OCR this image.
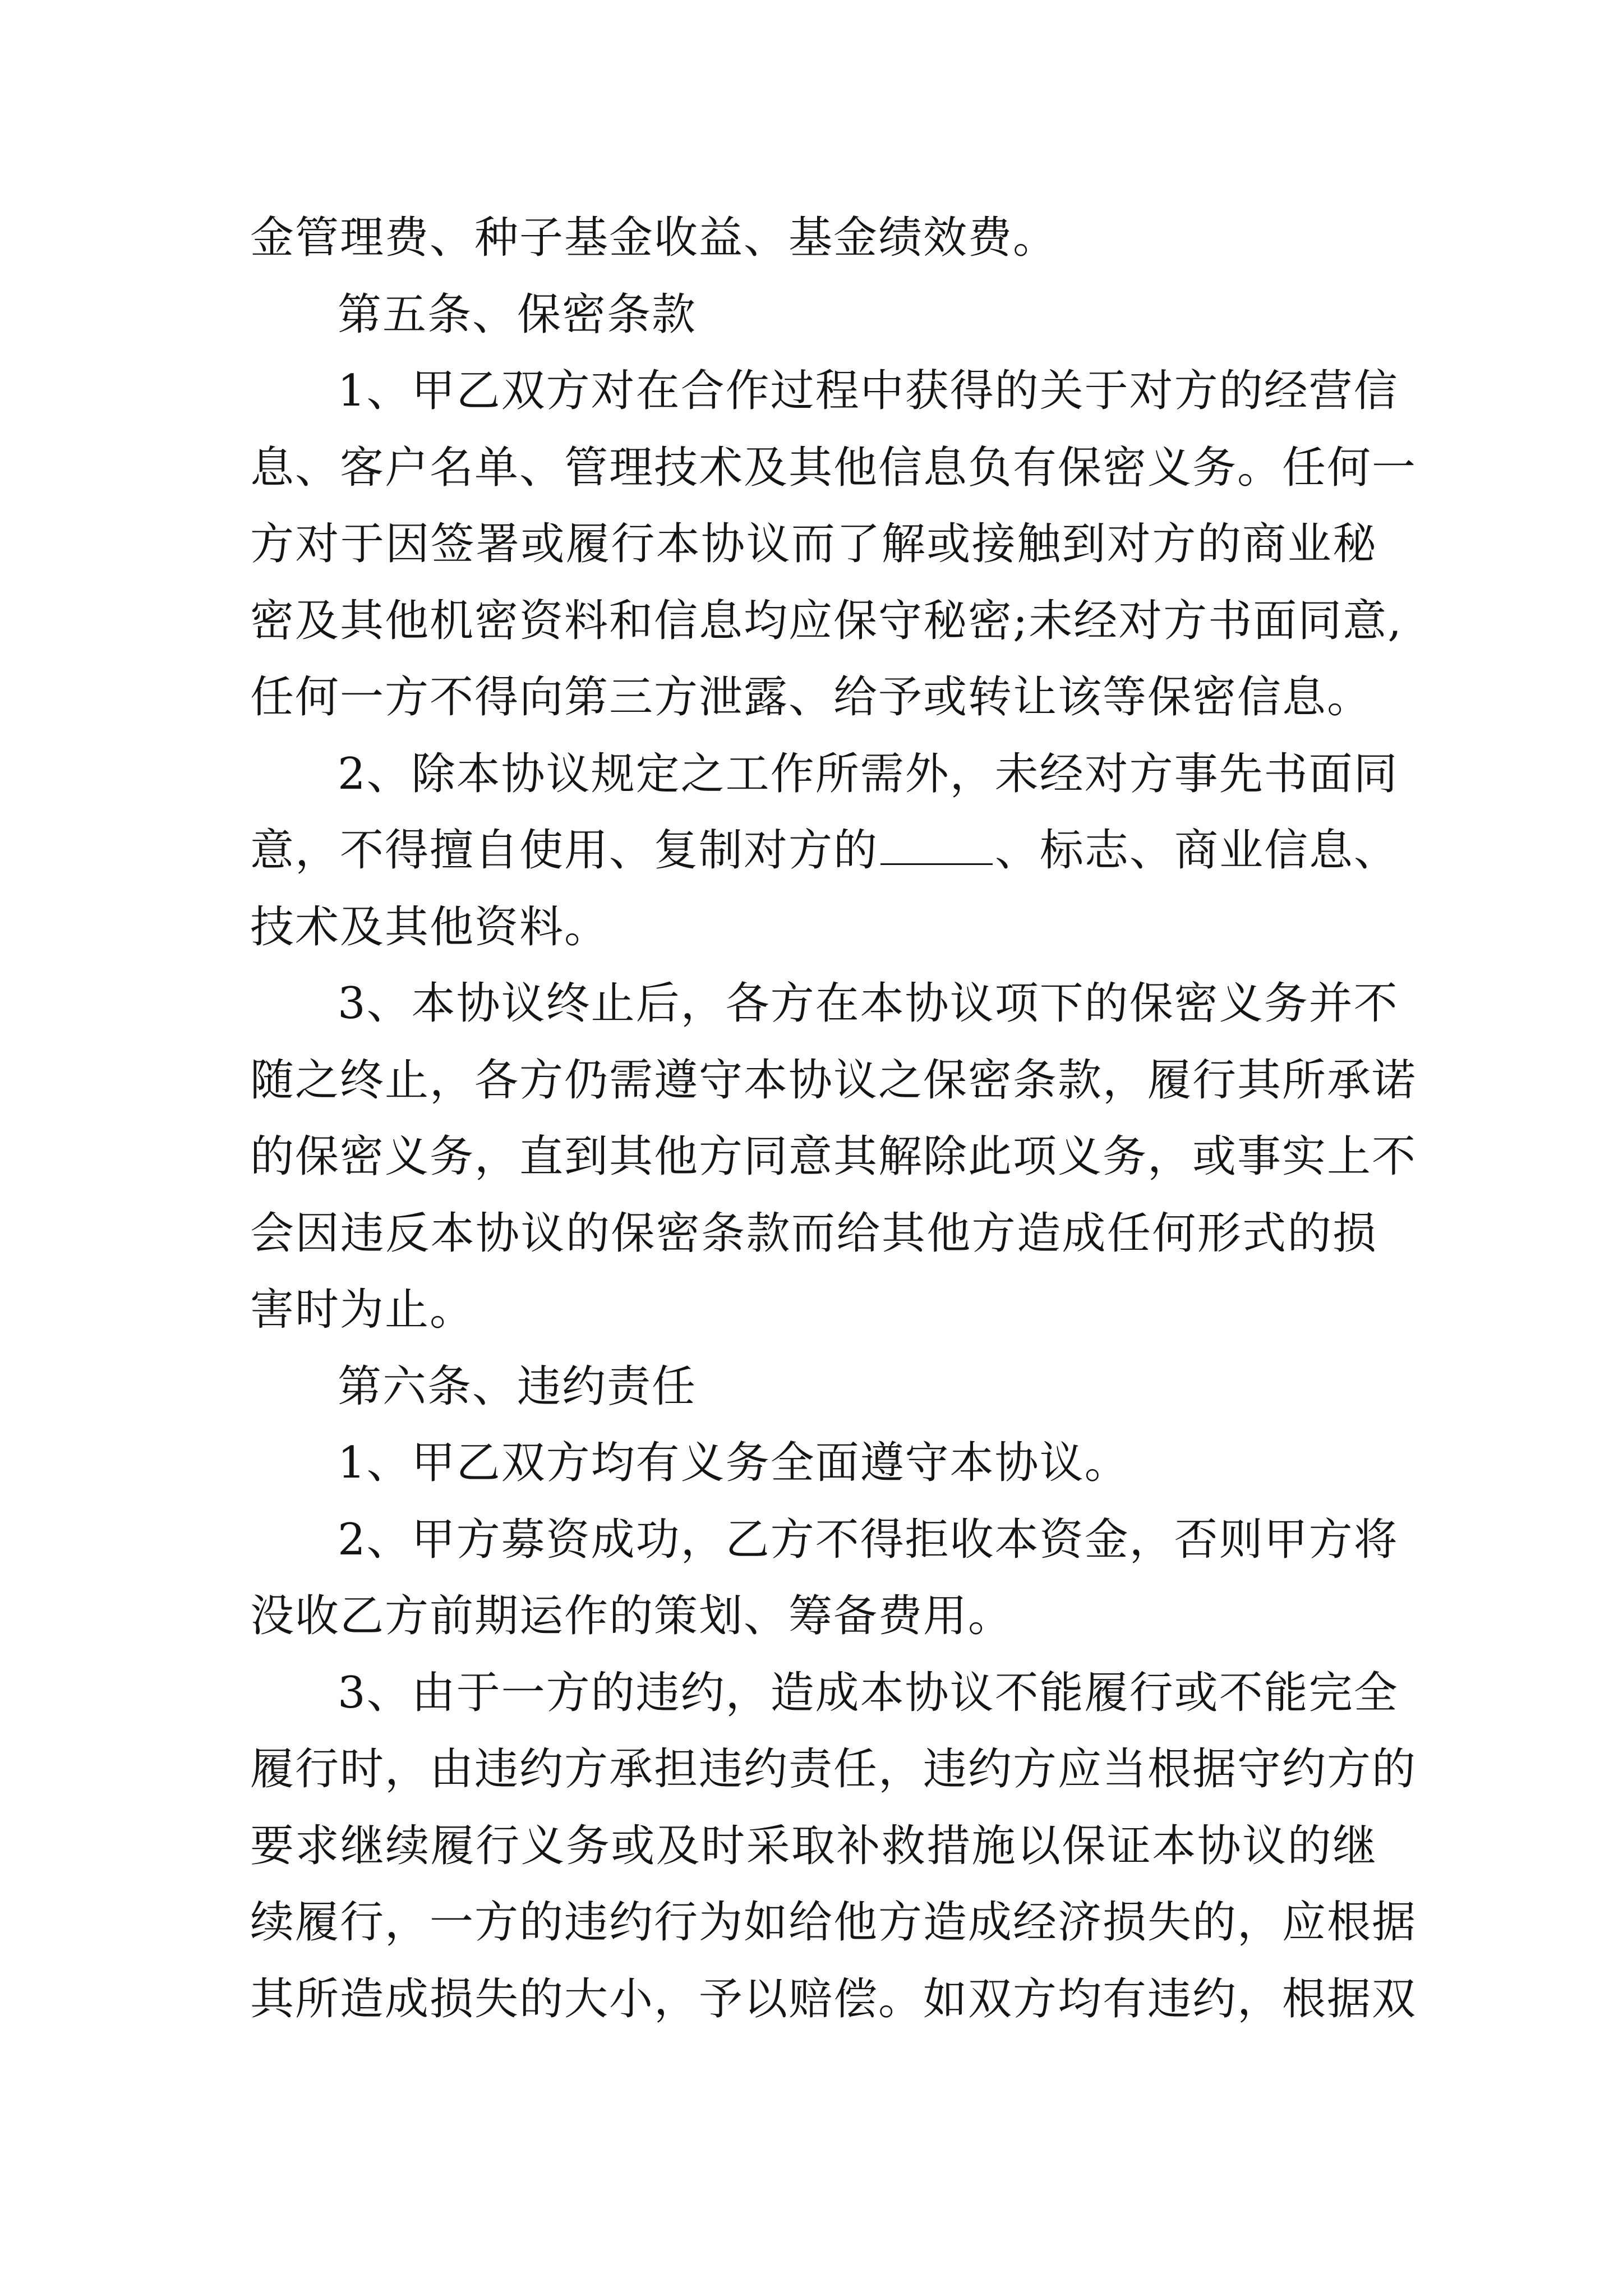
金管理费、种子基金收益、基金绩效费。
第五条、保密条款
1、甲乙双方对在合作过程中获得的关于对方的经营信
息、客户名单、管理技术及其他信息负有保密义务。任何一
方对于因签署或履行本协议而了解或接触到对方的商业秘
密及其他机密资料和信息均应保守秘密;未经对方书面同意,
任何一方不得向第三方泄露、给予或转让该等保密信息。
2、除本协议规定之工作所需外，未经对方事先书面同
意，不得擅自使用、复制对方的	、标志、商业信息、
技术及其他资料。
3、本协议终止后，各方在本协议项下的保密义务并不
随之终止，各方仍需遵守本协议之保密条款，履行其所承诺
的保密义务，直到其他方同意其解除此项义务，或事实上不
会因违反本协议的保密条款而给其他方造成任何形式的损
害时为止。
第六条、违约责任
1、甲乙双方均有义务全面遵守本协议。
2、甲方募资成功，乙方不得拒收本资金，否则甲方将
没收乙方前期运作的策划、筹备费用。
3、由于一方的违约，造成本协议不能履行或不能完全
履行时，由违约方承担违约责任，违约方应当根据守约方的
要求继续履行义务或及时采取补救措施以保证本协议的继
续履行，一方的违约行为如给他方造成经济损失的，应根据
其所造成损失的大小，予以赔偿。如双方均有违约，根据双
